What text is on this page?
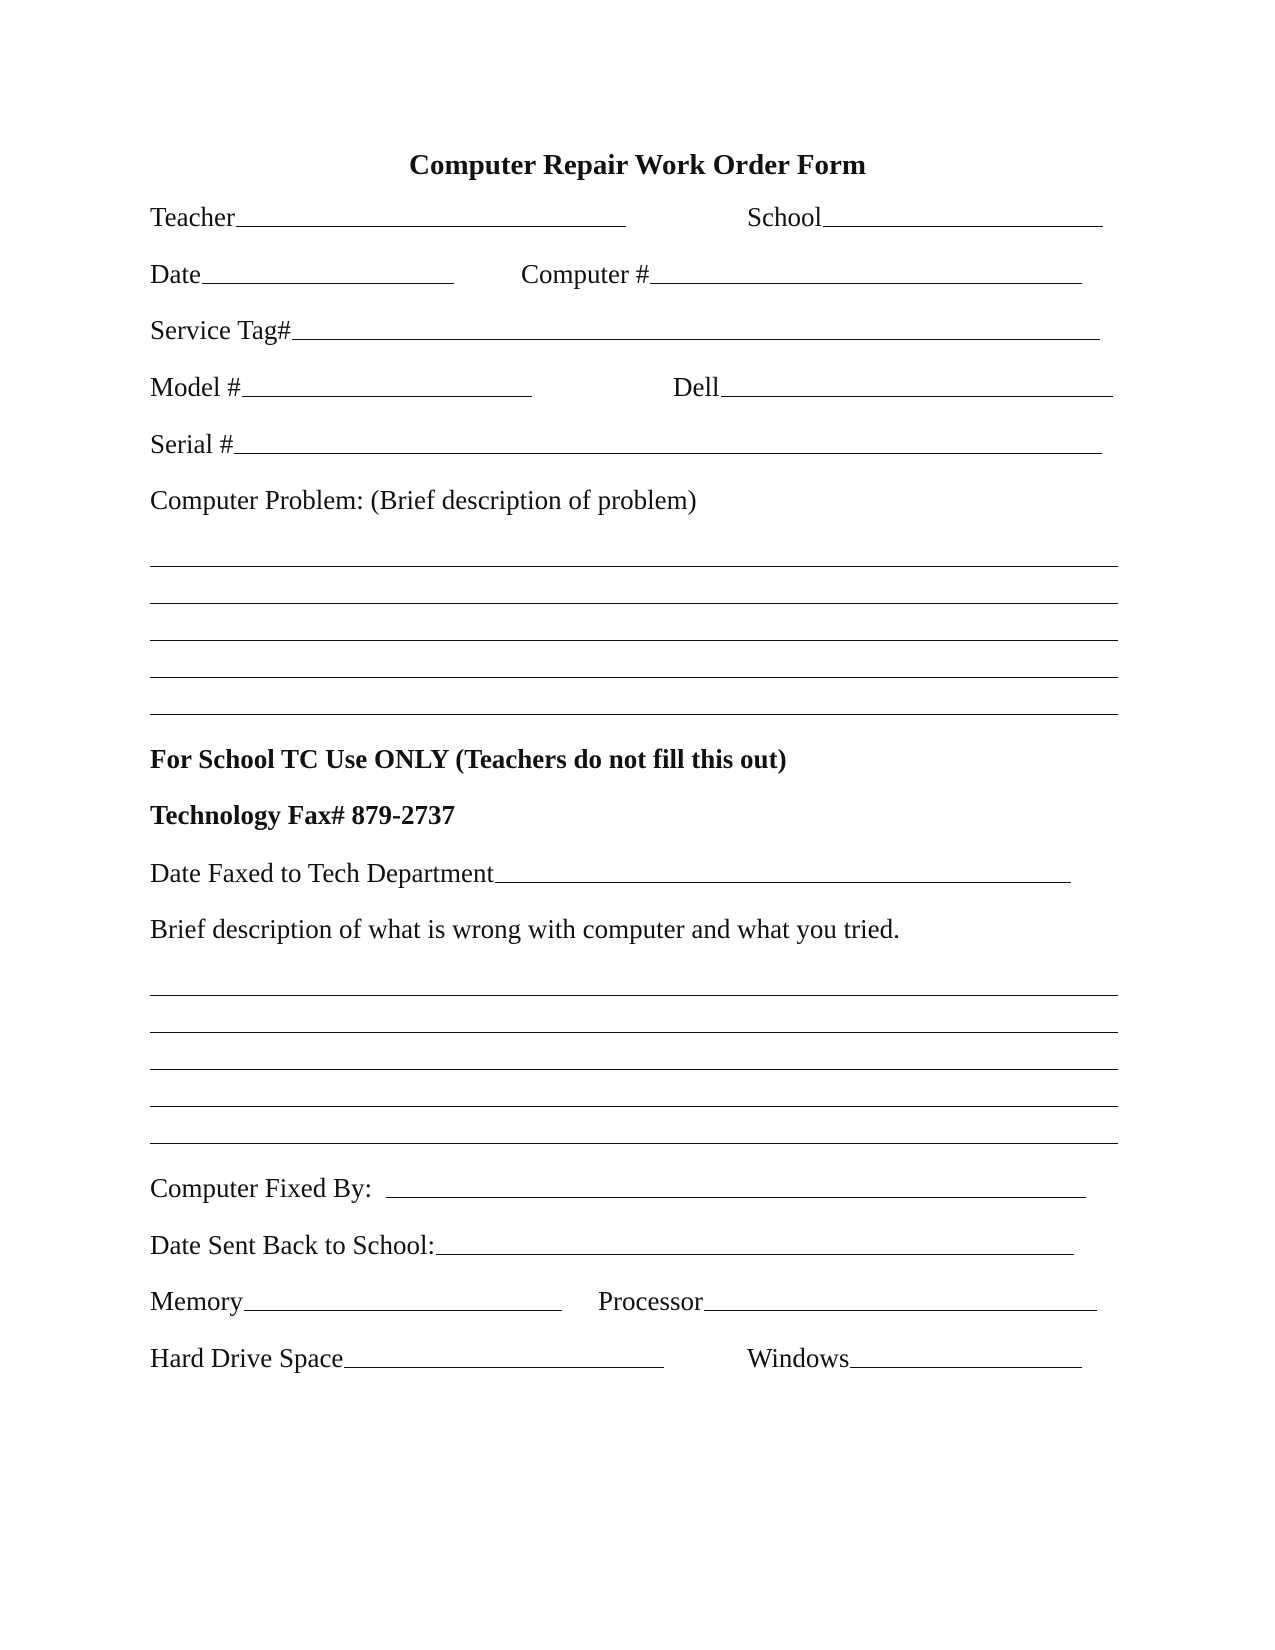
Computer Repair Work Order Form
Teacher	School
Date	Computer #
Service Tag#
Model #	Dell
Serial #
Computer Problem: (Brief description of problem)
For School TC Use ONLY (Teachers do not fill this out)
Technology Fax# 879-2737
Date Faxed to Tech Department
Brief description of what is wrong with computer and what you tried.
Computer Fixed By:
Date Sent Back to School:
Memory	Processor
Hard Drive Space	Windows
